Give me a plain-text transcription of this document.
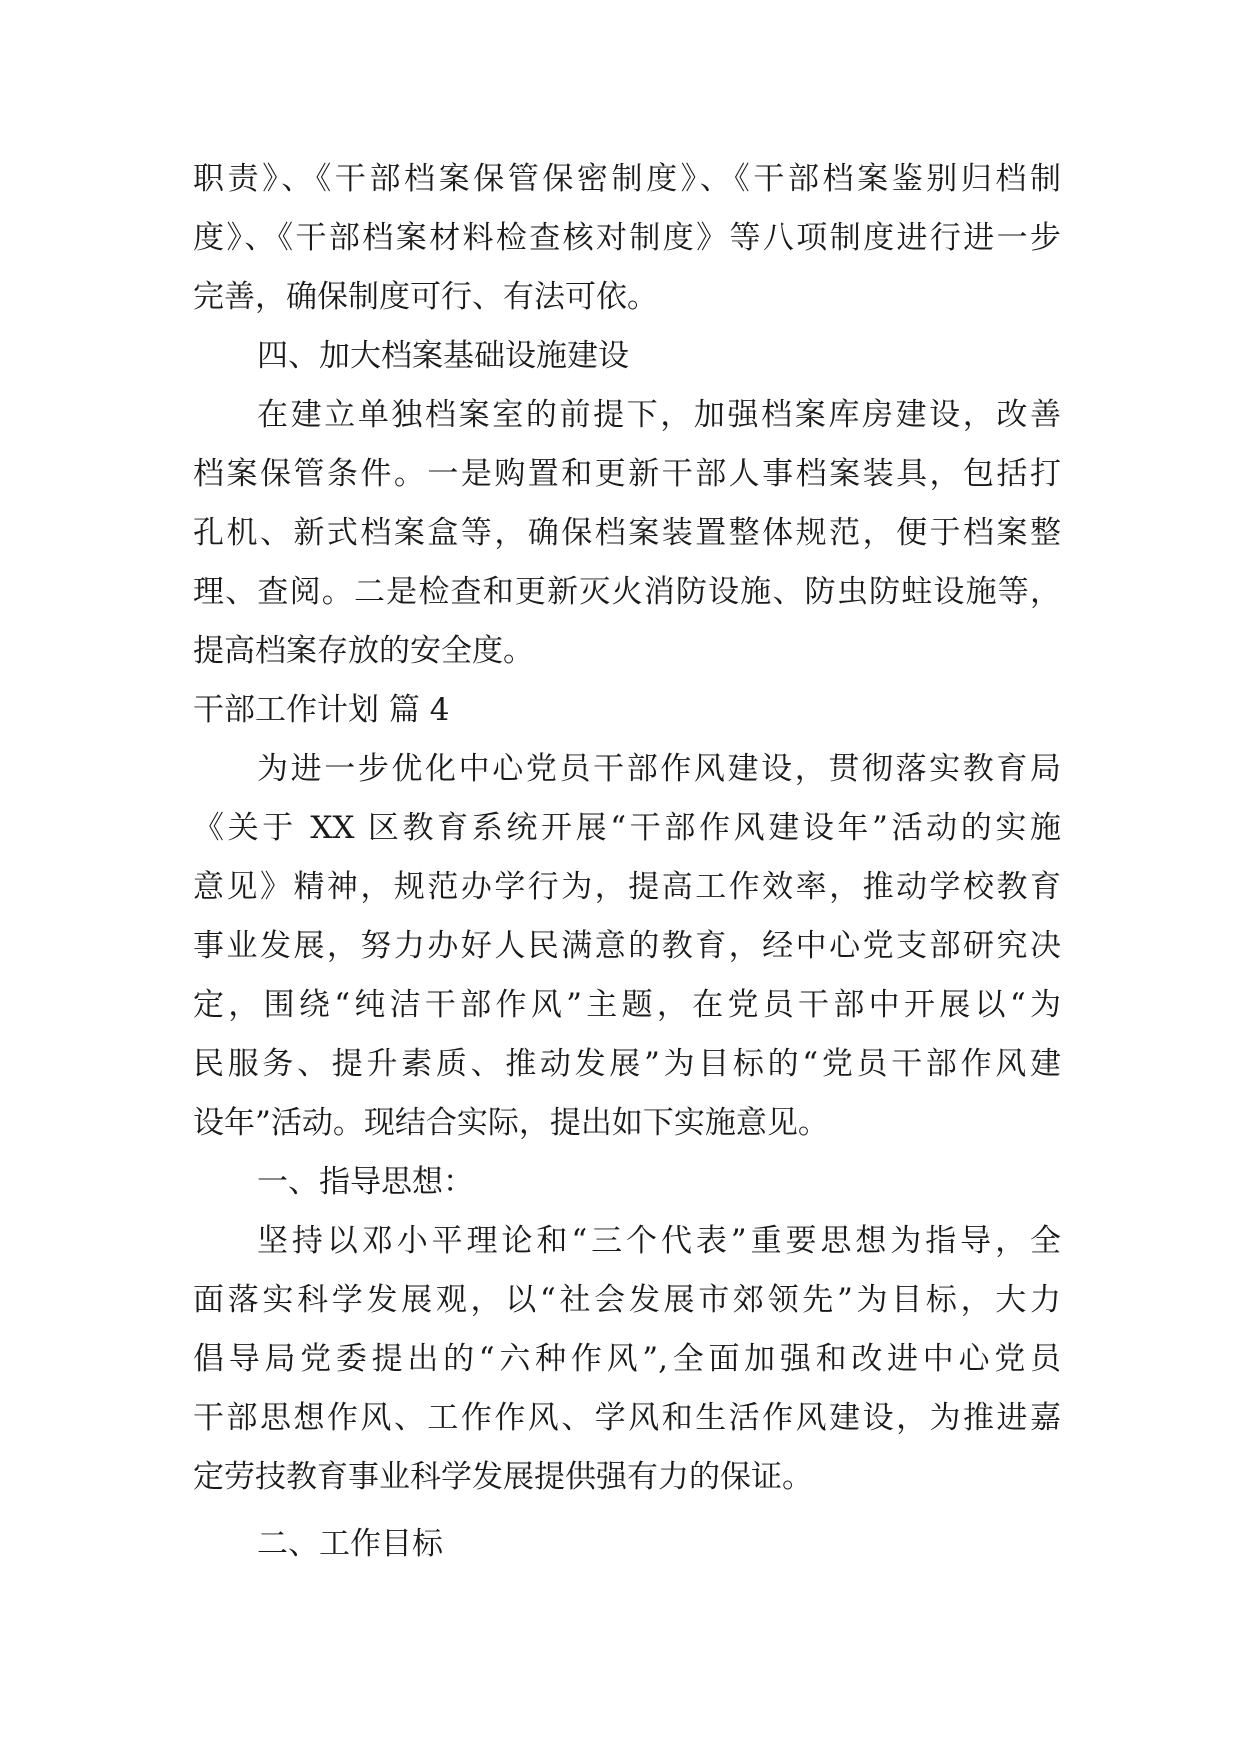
职责》、《干部档案保管保密制度》、《干部档案鉴别归档制
度》、《干部档案材料检查核对制度》等八项制度进行进一步
完善，确保制度可行、有法可依。
四、加大档案基础设施建设
在建立单独档案室的前提下，加强档案库房建设，改善
档案保管条件。一是购置和更新干部人事档案装具，包括打
孔机、新式档案盒等，确保档案装置整体规范，便于档案整
理、查阅。二是检查和更新灭火消防设施、防虫防蛀设施等，
提高档案存放的安全度。
干部工作计划 篇 4
为进一步优化中心党员干部作风建设，贯彻落实教育局
《关于 XX 区教育系统开展“干部作风建设年”活动的实施
意见》精神，规范办学行为，提高工作效率，推动学校教育
事业发展，努力办好人民满意的教育，经中心党支部研究决
定，围绕“纯洁干部作风”主题，在党员干部中开展以“为
民服务、提升素质、推动发展”为目标的“党员干部作风建
设年”活动。现结合实际，提出如下实施意见。
一、指导思想：
坚持以邓小平理论和“三个代表”重要思想为指导，全
面落实科学发展观，以“社会发展市郊领先”为目标，大力
倡导局党委提出的“六种作风”,全面加强和改进中心党员
干部思想作风、工作作风、学风和生活作风建设，为推进嘉
定劳技教育事业科学发展提供强有力的保证。
二、工作目标
